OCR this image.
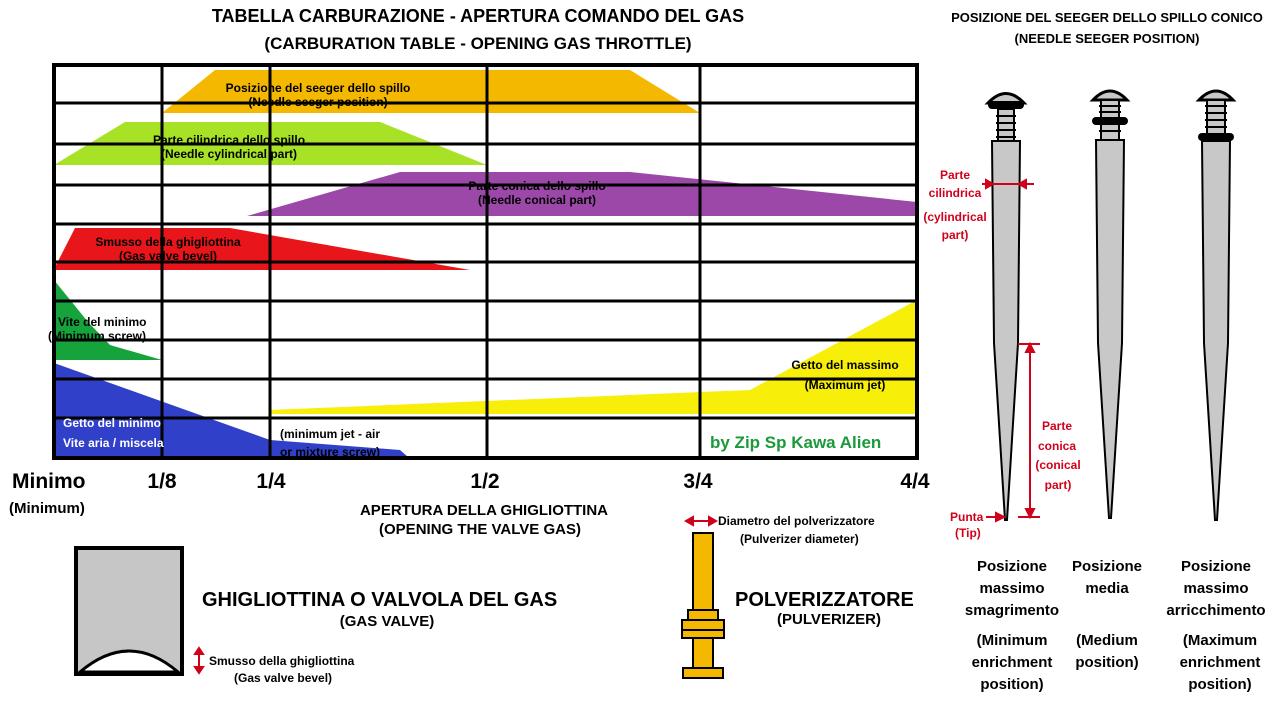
TABELLA CARBURAZIONE - APERTURA COMANDO DEL GAS
(CARBURATION TABLE - OPENING GAS THROTTLE)
POSIZIONE DEL SEEGER DELLO SPILLO CONICO
(NEEDLE SEEGER POSITION)
Posizione del seeger dello spillo
(Needle seeger position)
Parte cilindrica dello spillo
(Needle cylindrical part)
Parte conica dello spillo
(Needle conical part)
Smusso della ghigliottina
(Gas valve bevel)
Vite del minimo
(Minimum screw)
Getto del massimo
(Maximum jet)
Getto del minimo
Vite aria / miscela
(minimum jet - air
or mixture screw)	by Zip Sp Kawa Alien
Minimo
(Minimum)
1/8	1/4	1/2	3/4	4/4
APERTURA DELLA GHIGLIOTTINA
(OPENING THE VALVE GAS)
GHIGLIOTTINA O VALVOLA DEL GAS
(GAS VALVE)
Smusso della ghigliottina
(Gas valve bevel)
Diametro del polverizzatore
(Pulverizer diameter)
POLVERIZZATORE
(PULVERIZER)
Parte
cilindrica
(cylindrical
part)
Parte
conica
(conical
part)
Punta
(Tip)
Posizione
massimo
smagrimento
(Minimum
enrichment
position)
Posizione
media
(Medium
position)
Posizione
massimo
arricchimento
(Maximum
enrichment
position)
